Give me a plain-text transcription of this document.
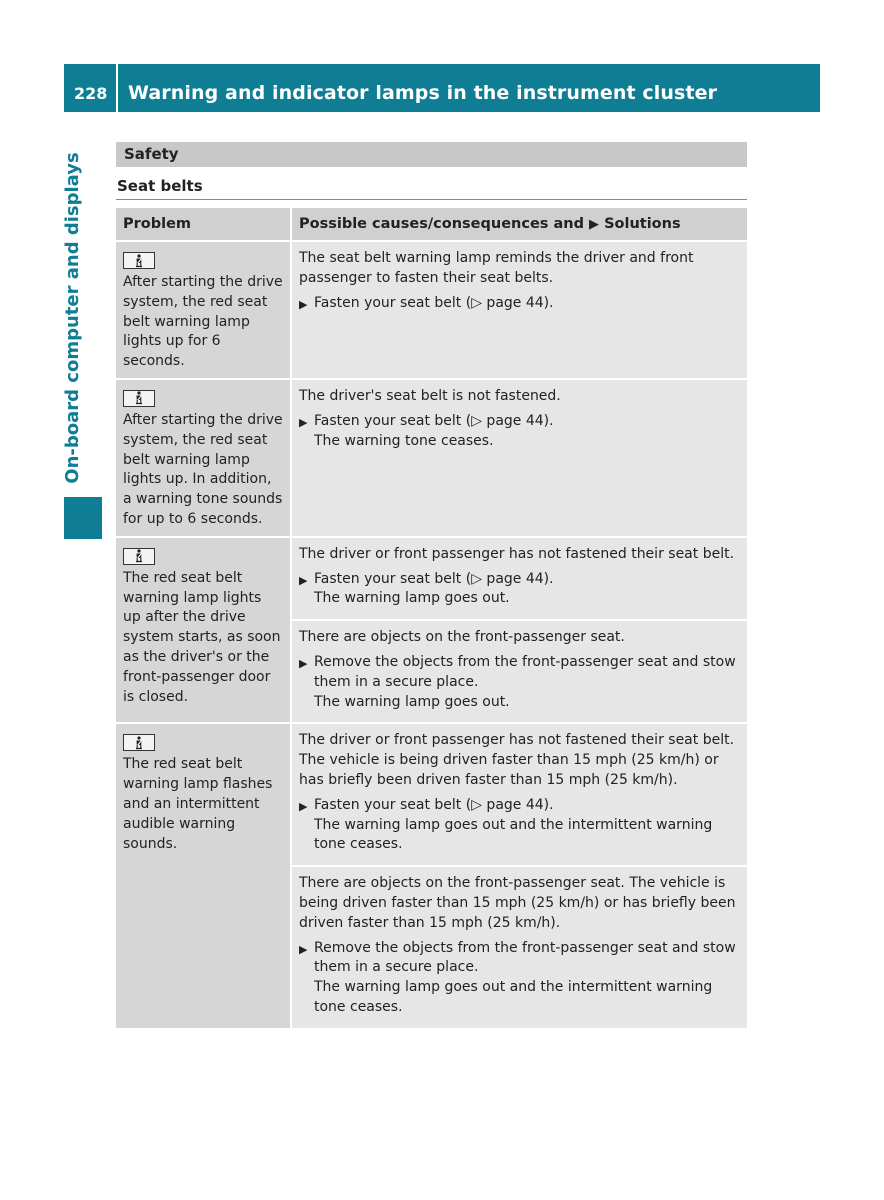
228 Warning and indicator lamps in the instrument cluster
On-board computer and displays	Safety
Seat belts
Problem	Possible causes/consequences and ▶ Solutions
After starting the drive system, the red seat belt warning lamp lights up for 6 seconds.
The seat belt warning lamp reminds the driver and front passenger to fasten their seat belts.
▶ Fasten your seat belt (▷ page 44).
After starting the drive system, the red seat belt warning lamp lights up. In addition, a warning tone sounds for up to 6 seconds.
The driver's seat belt is not fastened.
▶ Fasten your seat belt (▷ page 44).
The warning tone ceases.
The red seat belt warning lamp lights up after the drive system starts, as soon as the driver's or the front-passenger door is closed.
The driver or front passenger has not fastened their seat belt.
▶ Fasten your seat belt (▷ page 44).
The warning lamp goes out.
There are objects on the front-passenger seat.
▶ Remove the objects from the front-passenger seat and stow them in a secure place.
The warning lamp goes out.
The red seat belt warning lamp flashes and an intermittent audible warning sounds.
The driver or front passenger has not fastened their seat belt. The vehicle is being driven faster than 15 mph (25 km/h) or has briefly been driven faster than 15 mph (25 km/h).
▶ Fasten your seat belt (▷ page 44).
The warning lamp goes out and the intermittent warning tone ceases.
There are objects on the front-passenger seat. The vehicle is being driven faster than 15 mph (25 km/h) or has briefly been driven faster than 15 mph (25 km/h).
▶ Remove the objects from the front-passenger seat and stow them in a secure place.
The warning lamp goes out and the intermittent warning tone ceases.
